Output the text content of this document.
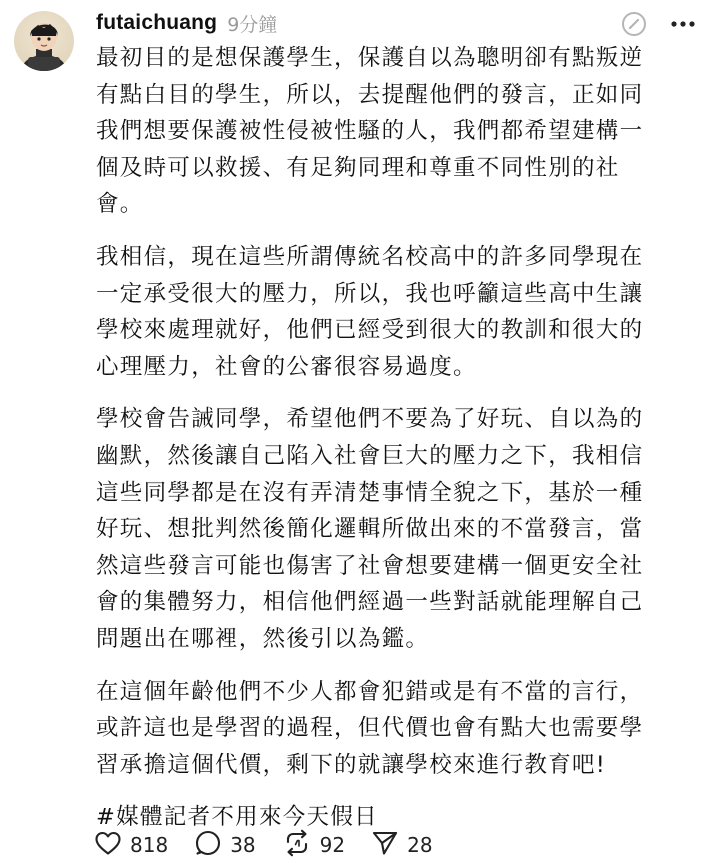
futaichuang 9分鐘

最初目的是想保護學生，保護自以為聰明卻有點叛逆
有點白目的學生，所以，去提醒他們的發言，正如同
我們想要保護被性侵被性騷的人，我們都希望建構一
個及時可以救援、有足夠同理和尊重不同性別的社
會。

我相信，現在這些所謂傳統名校高中的許多同學現在
一定承受很大的壓力，所以，我也呼籲這些高中生讓
學校來處理就好，他們已經受到很大的教訓和很大的
心理壓力，社會的公審很容易過度。

學校會告誡同學，希望他們不要為了好玩、自以為的
幽默，然後讓自己陷入社會巨大的壓力之下，我相信
這些同學都是在沒有弄清楚事情全貌之下，基於一種
好玩、想批判然後簡化邏輯所做出來的不當發言，當
然這些發言可能也傷害了社會想要建構一個更安全社
會的集體努力，相信他們經過一些對話就能理解自己
問題出在哪裡，然後引以為鑑。

在這個年齡他們不少人都會犯錯或是有不當的言行，
或許這也是學習的過程，但代價也會有點大也需要學
習承擔這個代價，剩下的就讓學校來進行教育吧!

#媒體記者不用來今天假日
818	38	92	28
